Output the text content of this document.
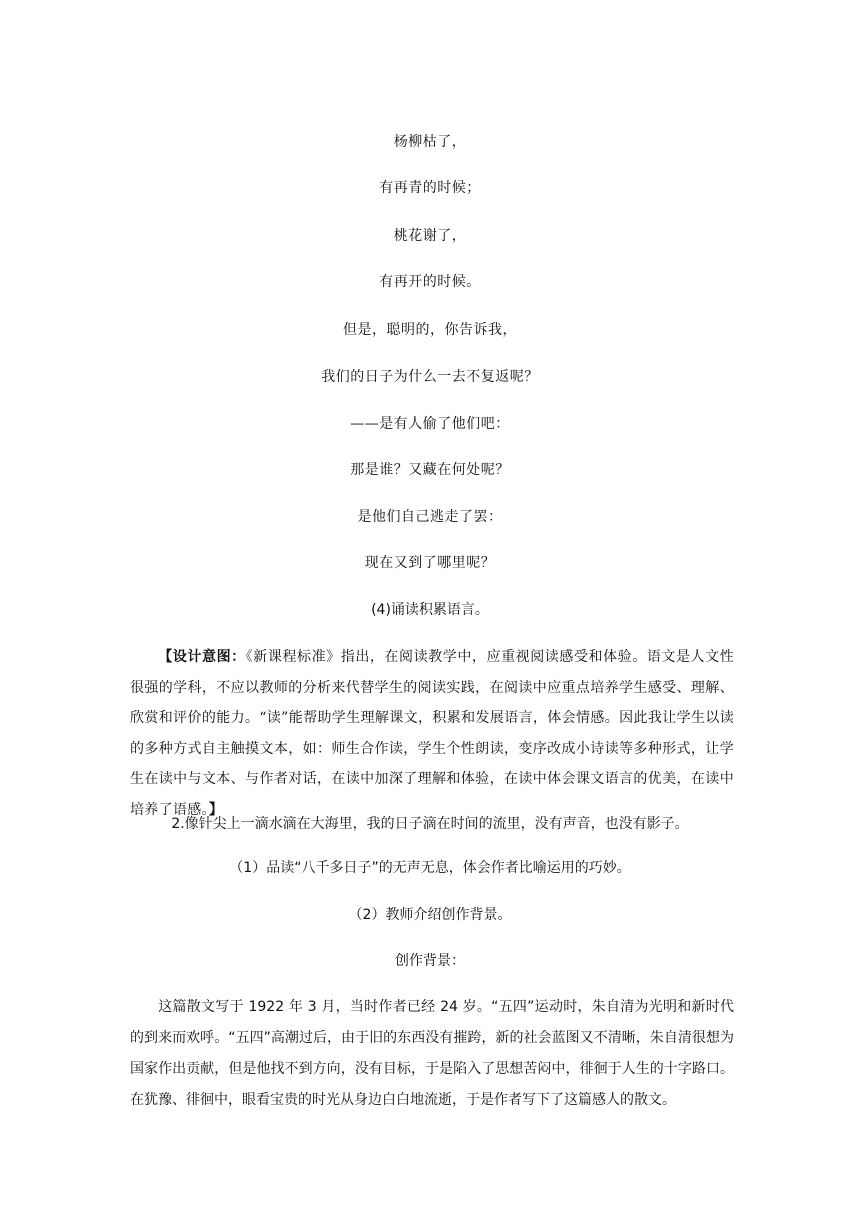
杨柳枯了，
有再青的时候；
桃花谢了，
有再开的时候。
但是，聪明的，你告诉我，
我们的日子为什么一去不复返呢？
——是有人偷了他们吧：
那是谁？又藏在何处呢？
是他们自己逃走了罢：
现在又到了哪里呢？
(4)诵读积累语言。
【设计意图：《新课程标准》指出，在阅读教学中，应重视阅读感受和体验。语文是人文性很强的学科，不应以教师的分析来代替学生的阅读实践，在阅读中应重点培养学生感受、理解、欣赏和评价的能力。“读”能帮助学生理解课文，积累和发展语言，体会情感。因此我让学生以读的多种方式自主触摸文本，如：师生合作读，学生个性朗读，变序改成小诗读等多种形式，让学生在读中与文本、与作者对话，在读中加深了理解和体验，在读中体会课文语言的优美，在读中培养了语感。】
2.像针尖上一滴水滴在大海里，我的日子滴在时间的流里，没有声音，也没有影子。
（1）品读“八千多日子”的无声无息，体会作者比喻运用的巧妙。
（2）教师介绍创作背景。
创作背景：
这篇散文写于 1922 年 3 月，当时作者已经 24 岁。“五四”运动时，朱自清为光明和新时代的到来而欢呼。“五四”高潮过后，由于旧的东西没有摧跨，新的社会蓝图又不清晰，朱自清很想为国家作出贡献，但是他找不到方向，没有目标，于是陷入了思想苦闷中，徘徊于人生的十字路口。在犹豫、徘徊中，眼看宝贵的时光从身边白白地流逝，于是作者写下了这篇感人的散文。
